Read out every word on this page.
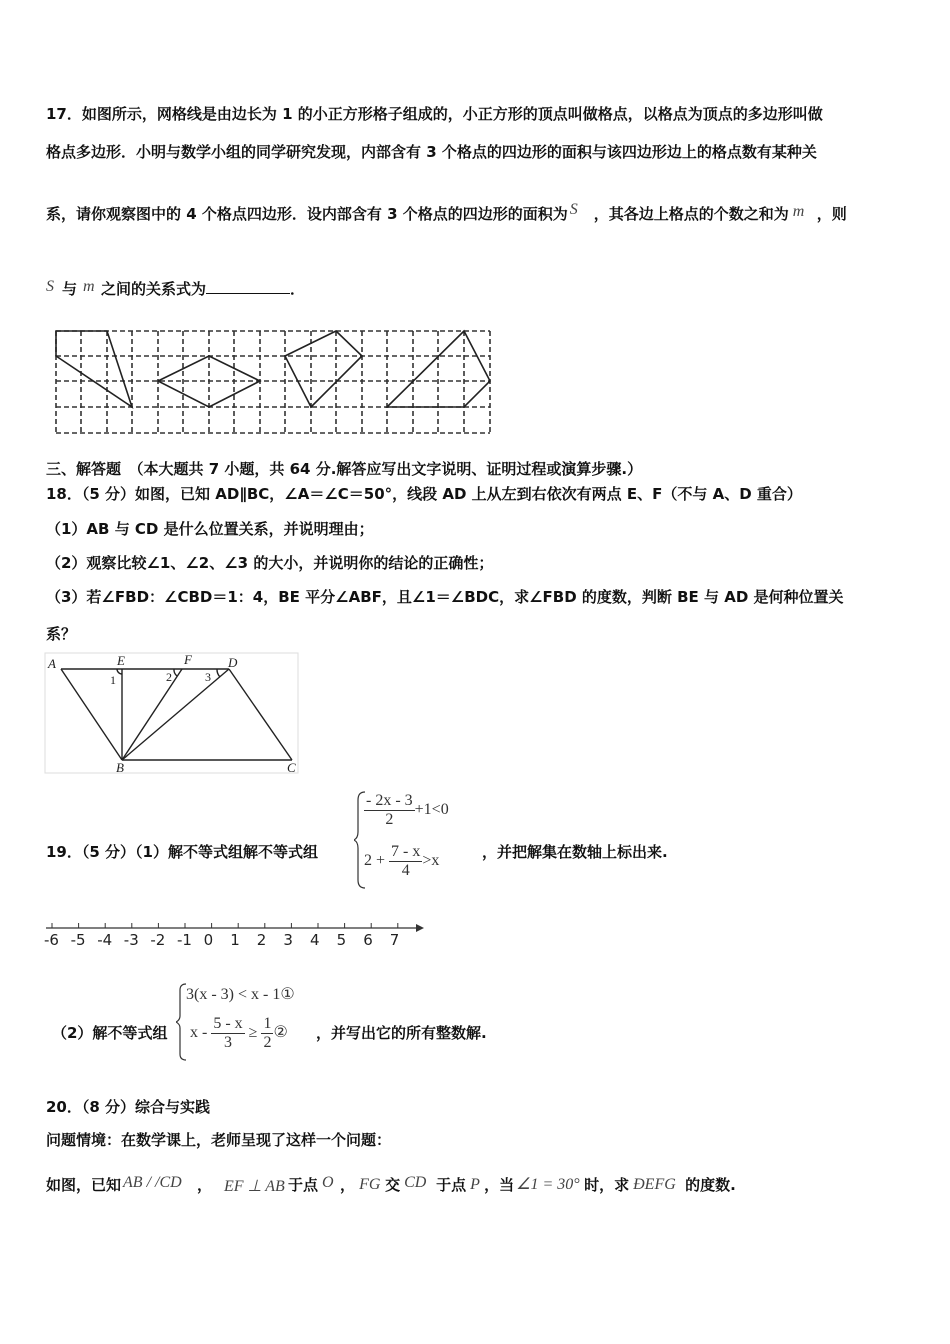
17．如图所示，网格线是由边长为 1 的小正方形格子组成的，小正方形的顶点叫做格点，以格点为顶点的多边形叫做
格点多边形．小明与数学小组的同学研究发现，内部含有 3 个格点的四边形的面积与该四边形边上的格点数有某种关
系，请你观察图中的 4 个格点四边形．设内部含有 3 个格点的四边形的面积为 S ，其各边上格点的个数之和为 m ，则
S 与 m 之间的关系式为	．
三、解答题　（本大题共 7 小题，共 64 分.解答应写出文字说明、证明过程或演算步骤.）
18．（5 分）如图，已知 AD∥BC，∠A＝∠C＝50°，线段 AD 上从左到右依次有两点 E、F（不与 A、D 重合）
（1）AB 与 CD 是什么位置关系，并说明理由；
（2）观察比较∠1、∠2、∠3 的大小，并说明你的结论的正确性；
（3）若∠FBD：∠CBD＝1：4，BE 平分∠ABF，且∠1＝∠BDC，求∠FBD 的度数，判断 BE 与 AD 是何种位置关
系？
A	E	F	D
B	C
1	2	3
19．（5 分）（1）解不等式组解不等式组
$\frac{- 2x - 3}{2} +1<0$
$2 + \frac{7 - x}{4} >x$	，并把解集在数轴上标出来.
-6 -5 -4 -3 -2 -1 0 1 2 3 4 5 6 7
（2）解不等式组
3(x - 3) < x - 1①
$x - \frac{5 - x}{3} \ge \frac{1}{2}$ ② ，并写出它的所有整数解.
20．（8 分）综合与实践
问题情境：在数学课上，老师呈现了这样一个问题：
如图，已知 AB / /CD ， EF ⊥ AB 于点 O ， FG 交 CD 于点 P ，当 ∠1 = 30° 时，求 ÐEFG 的度数.
